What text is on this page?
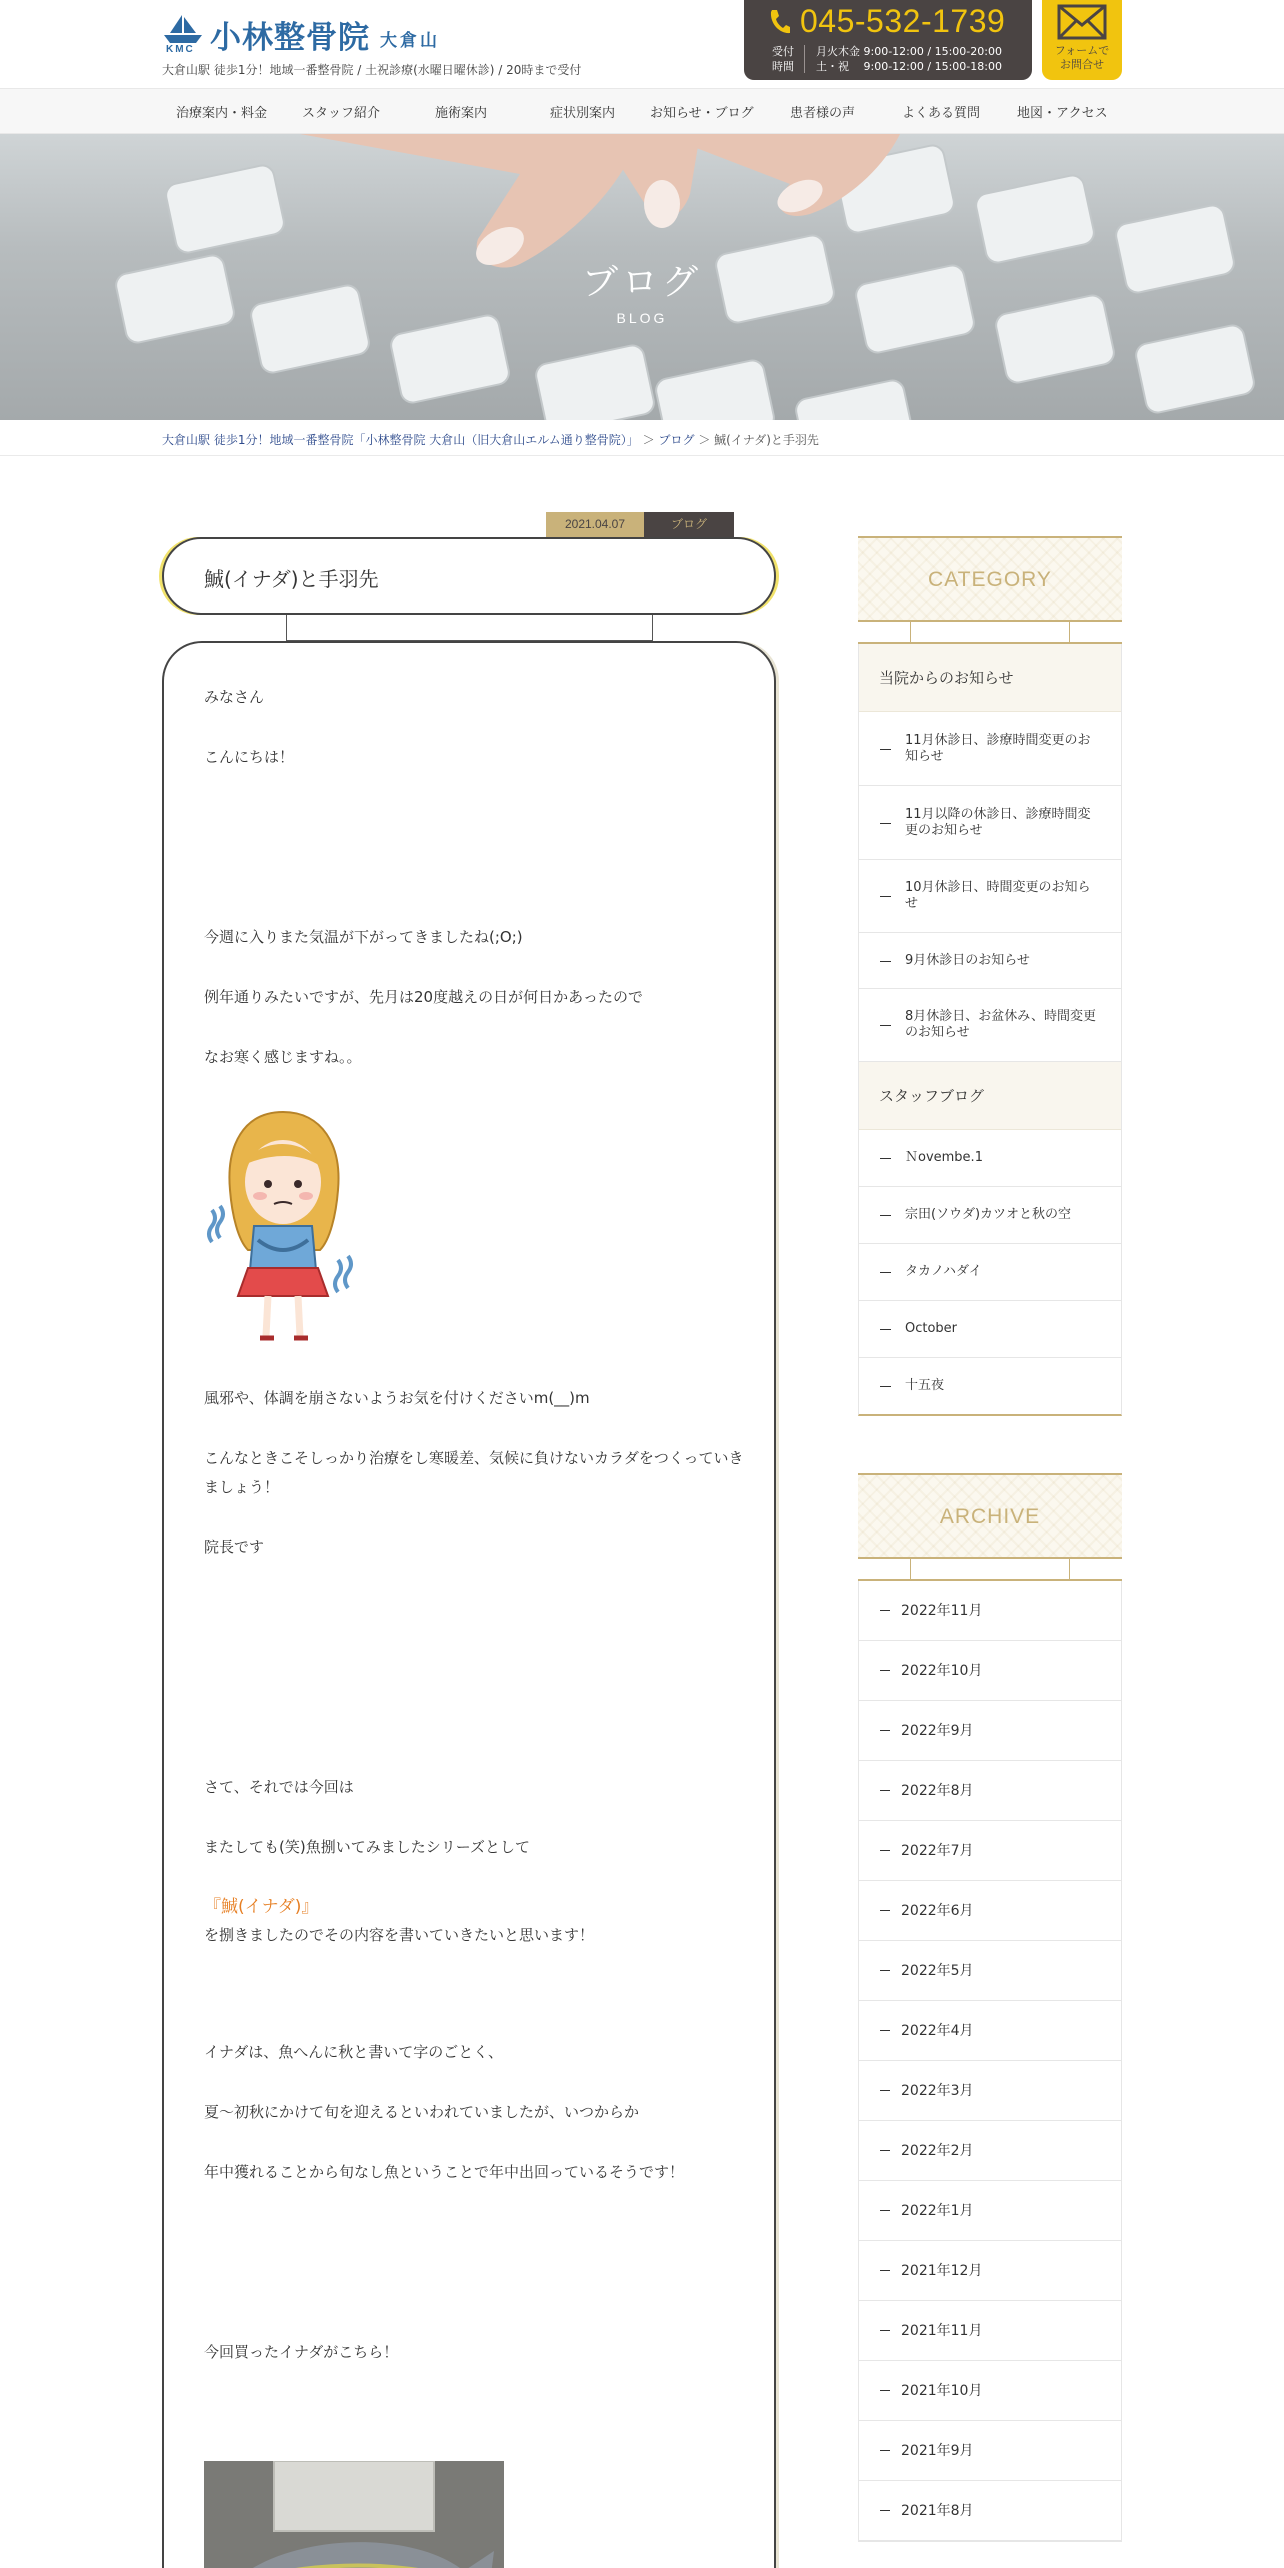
KMC 小林整骨院 大倉山
大倉山駅 徒歩1分！地域一番整骨院 / 土祝診療(水曜日曜休診) / 20時まで受付
045-532-1739
受付
時間
月火木金 9:00-12:00 / 15:00-20:00
土・祝　 9:00-12:00 / 15:00-18:00
フォームで
お問合せ
治療案内・料金	スタッフ紹介	施術案内	症状別案内	お知らせ・ブログ	患者様の声	よくある質問	地図・アクセス
ブログ
BLOG
大倉山駅 徒歩1分！地域一番整骨院「小林整骨院 大倉山（旧大倉山エルム通り整骨院）」 ＞ ブログ ＞ 鯎(イナダ)と手羽先
2021.04.07	ブログ
鯎(イナダ)と手羽先

みなさん

こんにちは！

今週に入りまた気温が下がってきましたね(;O;)

例年通りみたいですが、先月は20度越えの日が何日かあったので

なお寒く感じますね。。

風邪や、体調を崩さないようお気を付けくださいm(__)m

こんなときこそしっかり治療をし寒暖差、気候に負けないカラダをつくっていきましょう！

院長です

さて、それでは今回は

またしても(笑)魚捌いてみましたシリーズとして

『鯎(イナダ)』

を捌きましたのでその内容を書いていきたいと思います！

イナダは、魚へんに秋と書いて字のごとく、

夏～初秋にかけて旬を迎えるといわれていましたが、いつからか

年中獲れることから旬なし魚ということで年中出回っているそうです！

今回買ったイナダがこちら！

CATEGORY
当院からのお知らせ
11月休診日、診療時間変更のお知らせ
11月以降の休診日、診療時間変更のお知らせ
10月休診日、時間変更のお知らせ
9月休診日のお知らせ
8月休診日、お盆休み、時間変更のお知らせ
スタッフブログ
Ｎovembe.1
宗田(ソウダ)カツオと秋の空
タカノハダイ
October
十五夜
ARCHIVE
2022年11月
2022年10月
2022年9月
2022年8月
2022年7月
2022年6月
2022年5月
2022年4月
2022年3月
2022年2月
2022年1月
2021年12月
2021年11月
2021年10月
2021年9月
2021年8月
